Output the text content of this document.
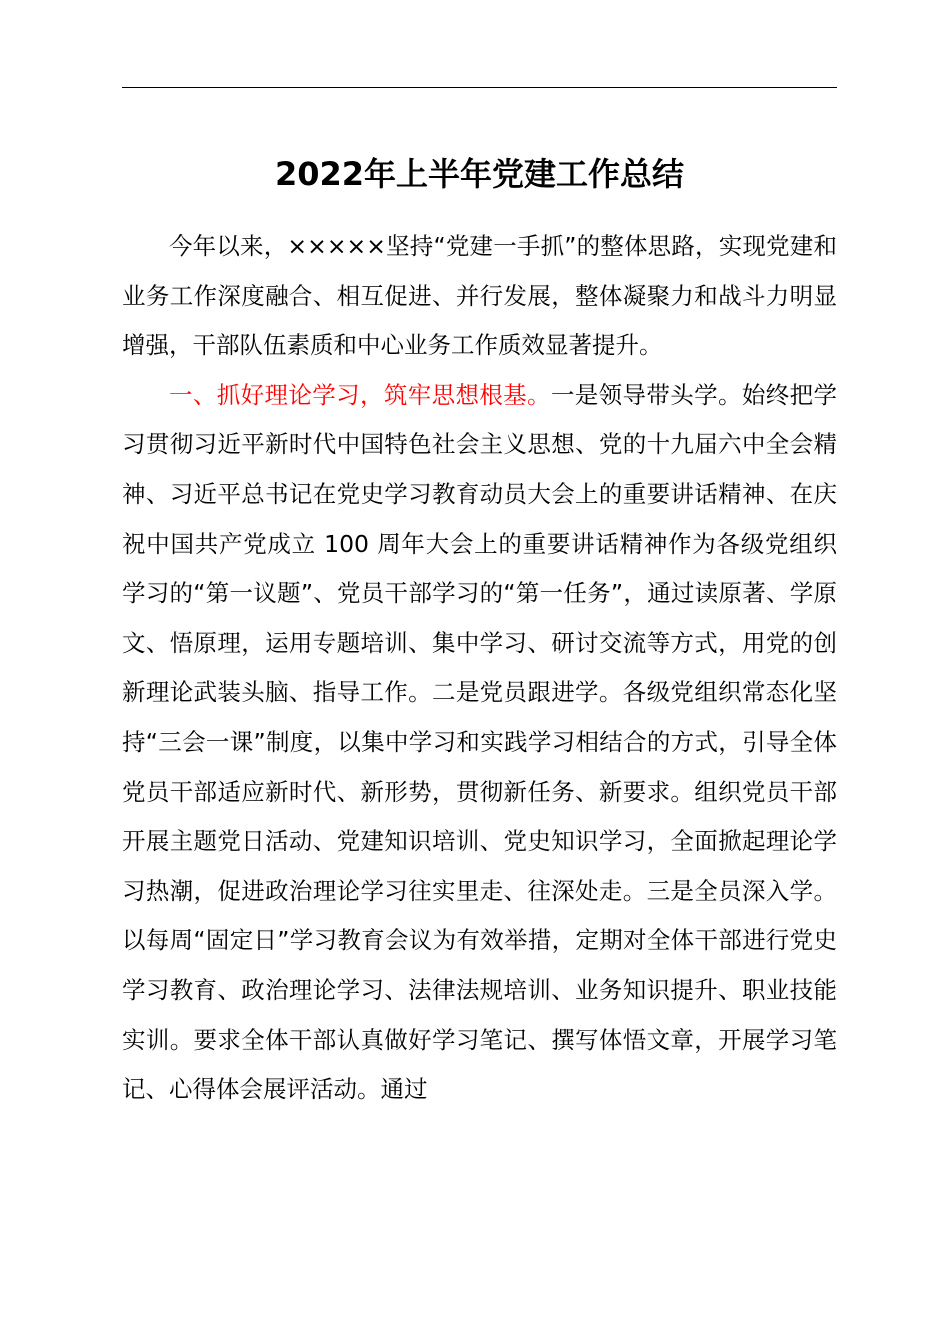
2022年上半年党建工作总结

今年以来，×××××坚持“党建一手抓”的整体思路，实现党建和业务工作深度融合、相互促进、并行发展，整体凝聚力和战斗力明显增强，干部队伍素质和中心业务工作质效显著提升。

一、抓好理论学习，筑牢思想根基。一是领导带头学。始终把学习贯彻习近平新时代中国特色社会主义思想、党的十九届六中全会精神、习近平总书记在党史学习教育动员大会上的重要讲话精神、在庆祝中国共产党成立 100 周年大会上的重要讲话精神作为各级党组织学习的“第一议题”、党员干部学习的“第一任务”，通过读原著、学原文、悟原理，运用专题培训、集中学习、研讨交流等方式，用党的创新理论武装头脑、指导工作。二是党员跟进学。各级党组织常态化坚持“三会一课”制度，以集中学习和实践学习相结合的方式，引导全体党员干部适应新时代、新形势，贯彻新任务、新要求。组织党员干部开展主题党日活动、党建知识培训、党史知识学习，全面掀起理论学习热潮，促进政治理论学习往实里走、往深处走。三是全员深入学。以每周“固定日”学习教育会议为有效举措，定期对全体干部进行党史学习教育、政治理论学习、法律法规培训、业务知识提升、职业技能实训。要求全体干部认真做好学习笔记、撰写体悟文章，开展学习笔记、心得体会展评活动。通过
